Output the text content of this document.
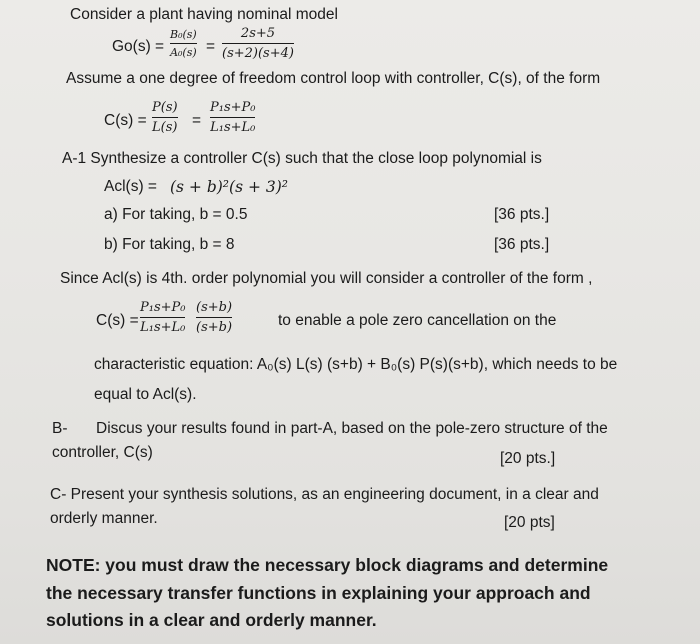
Consider a plant having nominal model
Go(s) =
B₀(s)
A₀(s) =
2s+5
(s+2)(s+4)
Assume a one degree of freedom control loop with controller, C(s), of the form
C(s) =
P(s)
L(s) =
P₁s+P₀
L₁s+L₀
A-1 Synthesize a controller C(s) such that the close loop polynomial is
Acl(s) = (s + b)²(s + 3)²
a) For taking, b = 0.5	[36 pts.]
b) For taking, b = 8	[36 pts.]
Since Acl(s) is 4th. order polynomial you will consider a controller of the form ,
C(s) =
P₁s+P₀
L₁s+L₀
(s+b)
(s+b)	to enable a pole zero cancellation on the
characteristic equation: A₀(s) L(s) (s+b) + B₀(s) P(s)(s+b), which needs to be
equal to Acl(s).
B- Discus your results found in part-A, based on the pole-zero structure of the
controller, C(s)	[20 pts.]
C- Present your synthesis solutions, as an engineering document, in a clear and
orderly manner.	[20 pts]
NOTE: you must draw the necessary block diagrams and determine
the necessary transfer functions in explaining your approach and
solutions in a clear and orderly manner.
